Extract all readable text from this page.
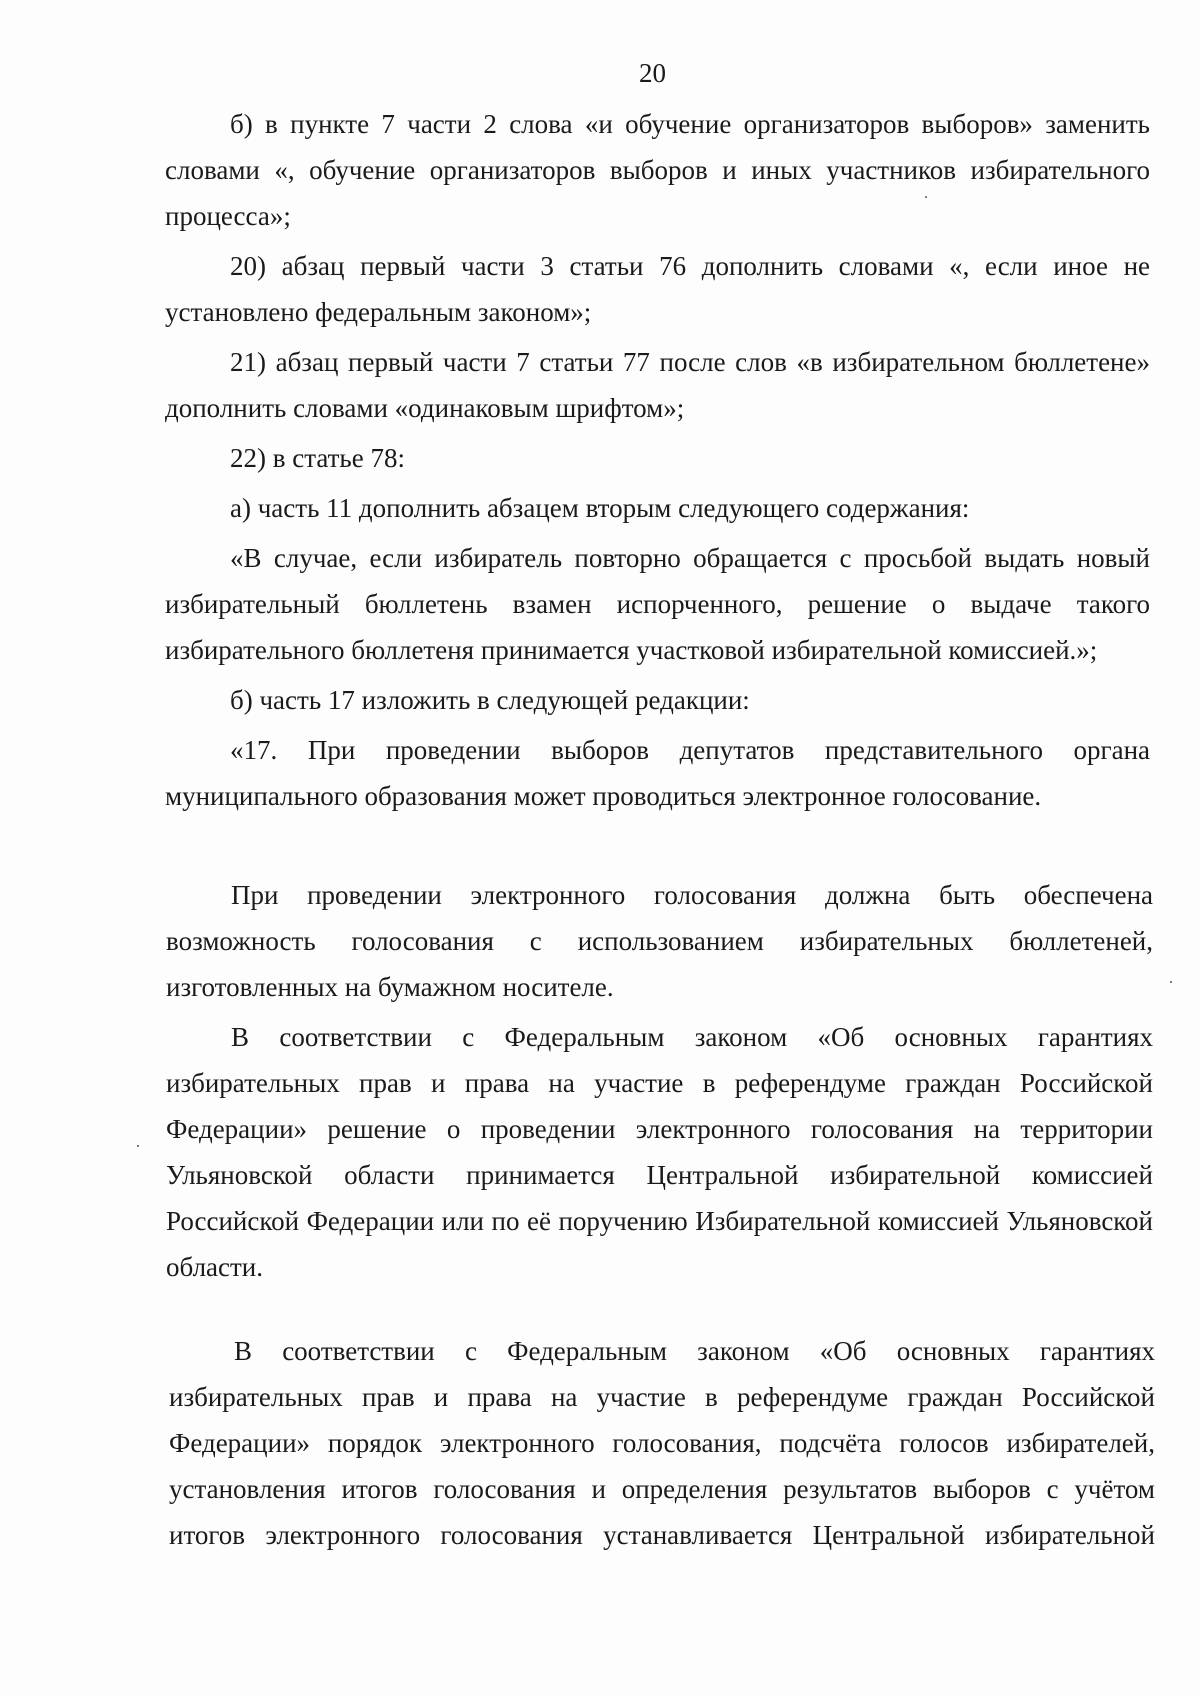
20

б) в пункте 7 части 2 слова «и обучение организаторов выборов» заменить словами «, обучение организаторов выборов и иных участников избирательного процесса»;

20) абзац первый части 3 статьи 76 дополнить словами «, если иное не установлено федеральным законом»;

21) абзац первый части 7 статьи 77 после слов «в избирательном бюллетене» дополнить словами «одинаковым шрифтом»;

22) в статье 78:

а) часть 11 дополнить абзацем вторым следующего содержания:

«В случае, если избиратель повторно обращается с просьбой выдать новый избирательный бюллетень взамен испорченного, решение о выдаче такого избирательного бюллетеня принимается участковой избирательной комиссией.»;

б) часть 17 изложить в следующей редакции:

«17. При проведении выборов депутатов представительного органа муниципального образования может проводиться электронное голосование.

При проведении электронного голосования должна быть обеспечена возможность голосования с использованием избирательных бюллетеней, изготовленных на бумажном носителе.

В соответствии с Федеральным законом «Об основных гарантиях избирательных прав и права на участие в референдуме граждан Российской Федерации» решение о проведении электронного голосования на территории Ульяновской области принимается Центральной избирательной комиссией Российской Федерации или по её поручению Избирательной комиссией Ульяновской области.

В соответствии с Федеральным законом «Об основных гарантиях избирательных прав и права на участие в референдуме граждан Российской Федерации» порядок электронного голосования, подсчёта голосов избирателей, установления итогов голосования и определения результатов выборов с учётом итогов электронного голосования устанавливается Центральной избирательной
